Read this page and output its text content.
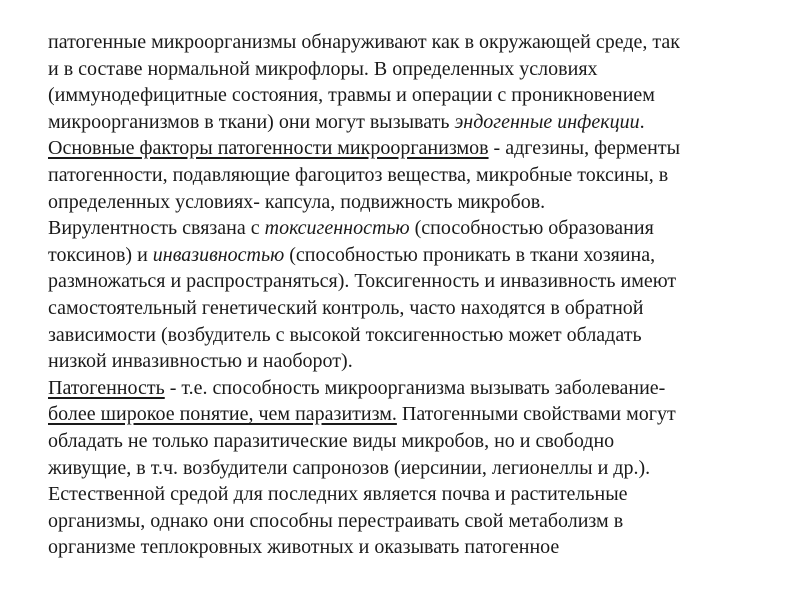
патогенные микроорганизмы обнаруживают как в окружающей среде, так
и в составе нормальной микрофлоры. В определенных условиях
(иммунодефицитные состояния, травмы и операции с проникновением
микроорганизмов в ткани) они могут вызывать эндогенные инфекции.
Основные факторы патогенности микроорганизмов - адгезины, ферменты
патогенности, подавляющие фагоцитоз вещества, микробные токсины, в
определенных условиях- капсула, подвижность микробов.
Вирулентность связана с токсигенностью (способностью образования
токсинов) и инвазивностью (способностью проникать в ткани хозяина,
размножаться и распространяться). Токсигенность и инвазивность имеют
самостоятельный генетический контроль, часто находятся в обратной
зависимости (возбудитель с высокой токсигенностью может обладать
низкой инвазивностью и наоборот).
Патогенность - т.е. способность микроорганизма вызывать заболевание-
более широкое понятие, чем паразитизм. Патогенными свойствами могут
обладать не только паразитические виды микробов, но и свободно
живущие, в т.ч. возбудители сапронозов (иерсинии, легионеллы и др.).
Естественной средой для последних является почва и растительные
организмы, однако они способны перестраивать свой метаболизм в
организме теплокровных животных и оказывать патогенное
